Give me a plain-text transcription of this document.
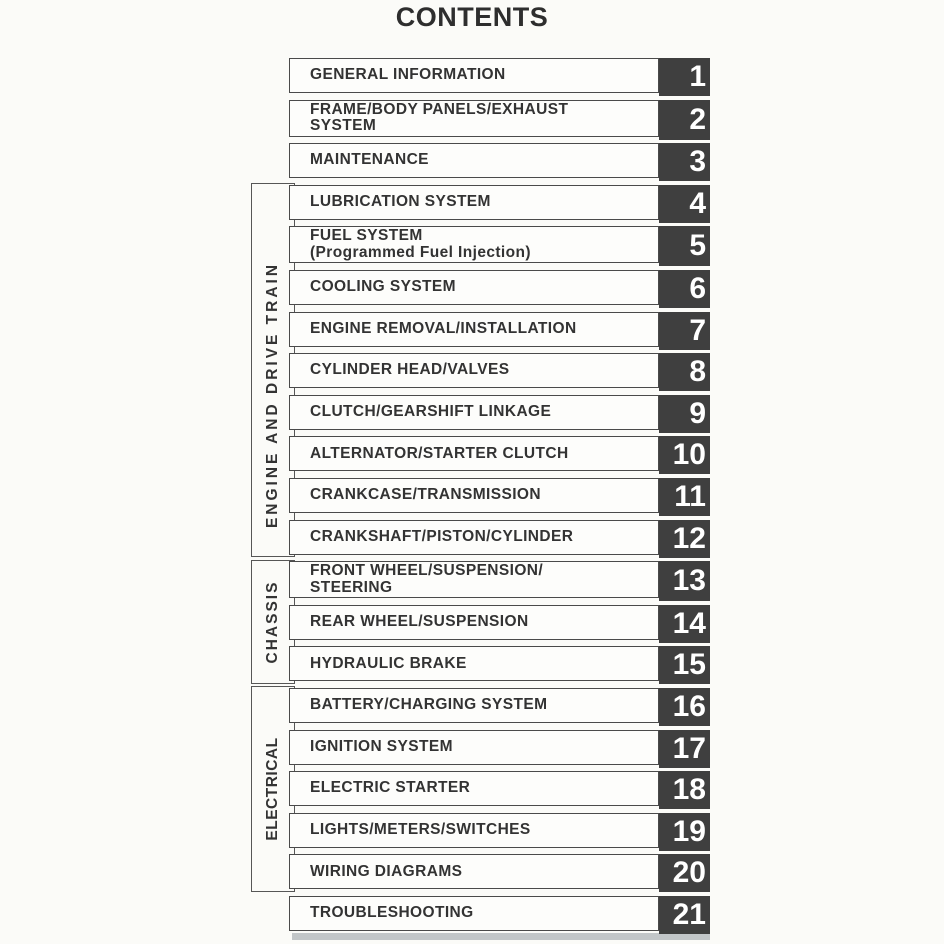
CONTENTS
ENGINE AND DRIVE TRAIN
CHASSIS
ELECTRICAL
GENERAL INFORMATION	1
FRAME/BODY PANELS/EXHAUST
SYSTEM	2
MAINTENANCE	3
LUBRICATION SYSTEM	4
FUEL SYSTEM
(Programmed Fuel Injection)	5
COOLING SYSTEM	6
ENGINE REMOVAL/INSTALLATION	7
CYLINDER HEAD/VALVES	8
CLUTCH/GEARSHIFT LINKAGE	9
ALTERNATOR/STARTER CLUTCH	10
CRANKCASE/TRANSMISSION	11
CRANKSHAFT/PISTON/CYLINDER	12
FRONT WHEEL/SUSPENSION/
STEERING	13
REAR WHEEL/SUSPENSION	14
HYDRAULIC BRAKE	15
BATTERY/CHARGING SYSTEM	16
IGNITION SYSTEM	17
ELECTRIC STARTER	18
LIGHTS/METERS/SWITCHES	19
WIRING DIAGRAMS	20
TROUBLESHOOTING	21
